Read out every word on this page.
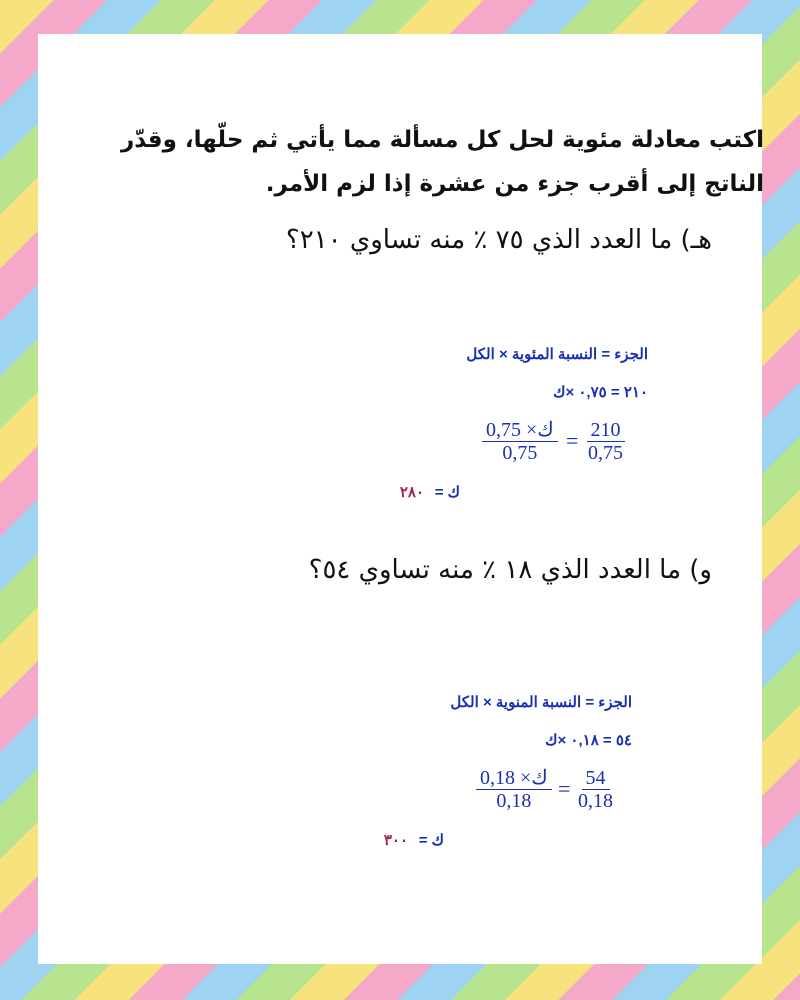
اكتب معادلة مئوية لحل كل مسألة مما يأتي ثم حلّها، وقدّر الناتج إلى أقرب جزء من عشرة إذا لزم الأمر.
هـ) ما العدد الذي ٧٥ ٪ منه تساوي ٢١٠؟
الجزء = النسبة المئوية × الكل
٢١٠ = ٠,٧٥ ×ك
ك =
٢٨٠
$\frac{210}{0,75}$
=
0,75 ×ك
0,75
و) ما العدد الذي ١٨ ٪ منه تساوي ٥٤؟
الجزء = النسبة المنوية × الكل
٥٤ = ٠,١٨ ×ك
ك =
٣٠٠
$\frac{54}{0,18}$
=
0,18 ×ك
0,18
